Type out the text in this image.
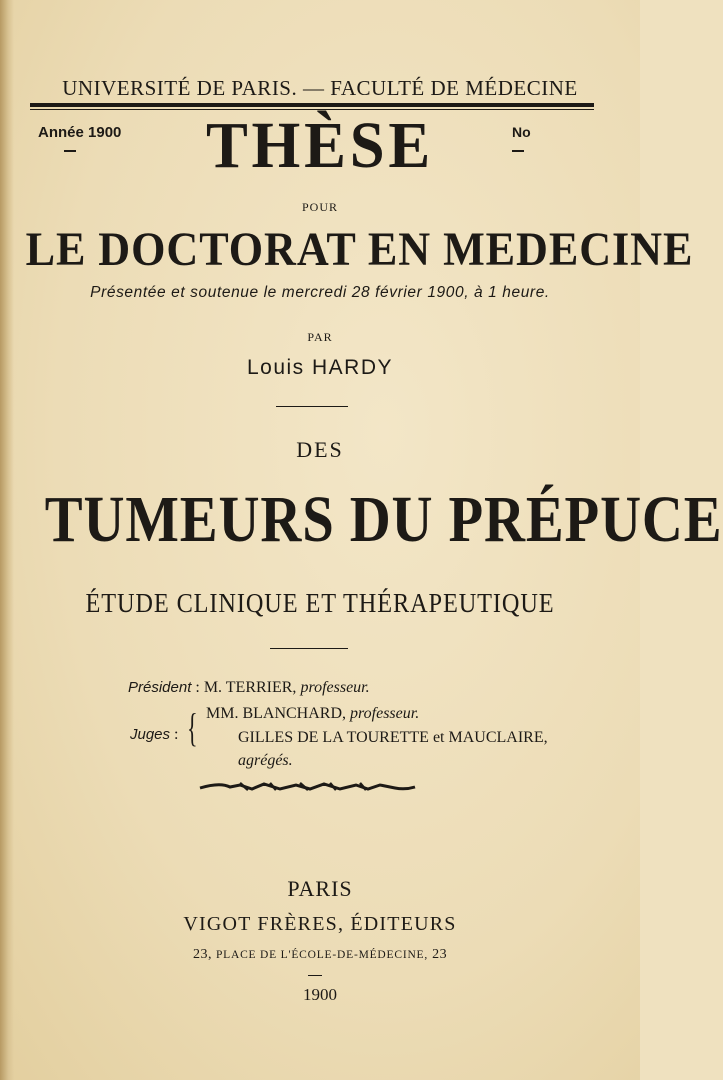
UNIVERSITÉ DE PARIS. — FACULTÉ DE MÉDECINE
Année 1900	No
THÈSE
POUR
LE DOCTORAT EN MEDECINE
Présentée et soutenue le mercredi 28 février 1900, à 1 heure.
PAR
Louis HARDY
DES
TUMEURS DU PRÉPUCE
ÉTUDE CLINIQUE ET THÉRAPEUTIQUE
Président : M. TERRIER, professeur.
Juges : { MM. BLANCHARD, professeur.
GILLES DE LA TOURETTE et MAUCLAIRE,
agrégés.
PARIS
VIGOT FRÈRES, ÉDITEURS
23, PLACE DE L'ÉCOLE-DE-MÉDECINE, 23
1900
